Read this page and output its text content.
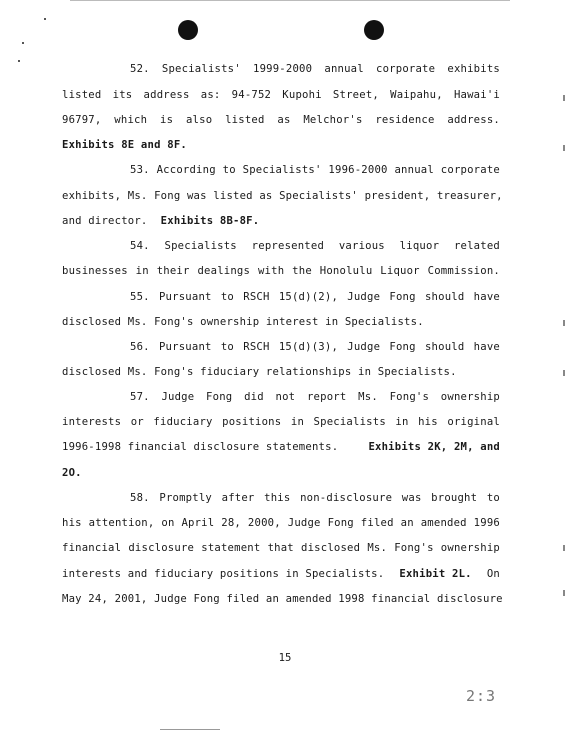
52. Specialists' 1999-2000 annual corporate exhibits
listed its address as: 94-752 Kupohi Street, Waipahu, Hawai'i
96797, which is also listed as Melchor's residence address.
Exhibits 8E and 8F.
53. According to Specialists' 1996-2000 annual corporate
exhibits, Ms. Fong was listed as Specialists' president, treasurer,
and director. Exhibits 8B-8F.
54. Specialists represented various liquor related
businesses in their dealings with the Honolulu Liquor Commission.
55. Pursuant to RSCH 15(d)(2), Judge Fong should have
disclosed Ms. Fong's ownership interest in Specialists.
56. Pursuant to RSCH 15(d)(3), Judge Fong should have
disclosed Ms. Fong's fiduciary relationships in Specialists.
57. Judge Fong did not report Ms. Fong's ownership
interests or fiduciary positions in Specialists in his original
1996-1998 financial disclosure statements.	Exhibits 2K, 2M, and
2O.
58. Promptly after this non-disclosure was brought to
his attention, on April 28, 2000, Judge Fong filed an amended 1996
financial disclosure statement that disclosed Ms. Fong's ownership
interests and fiduciary positions in Specialists. Exhibit 2L. On
May 24, 2001, Judge Fong filed an amended 1998 financial disclosure
15
2:3
